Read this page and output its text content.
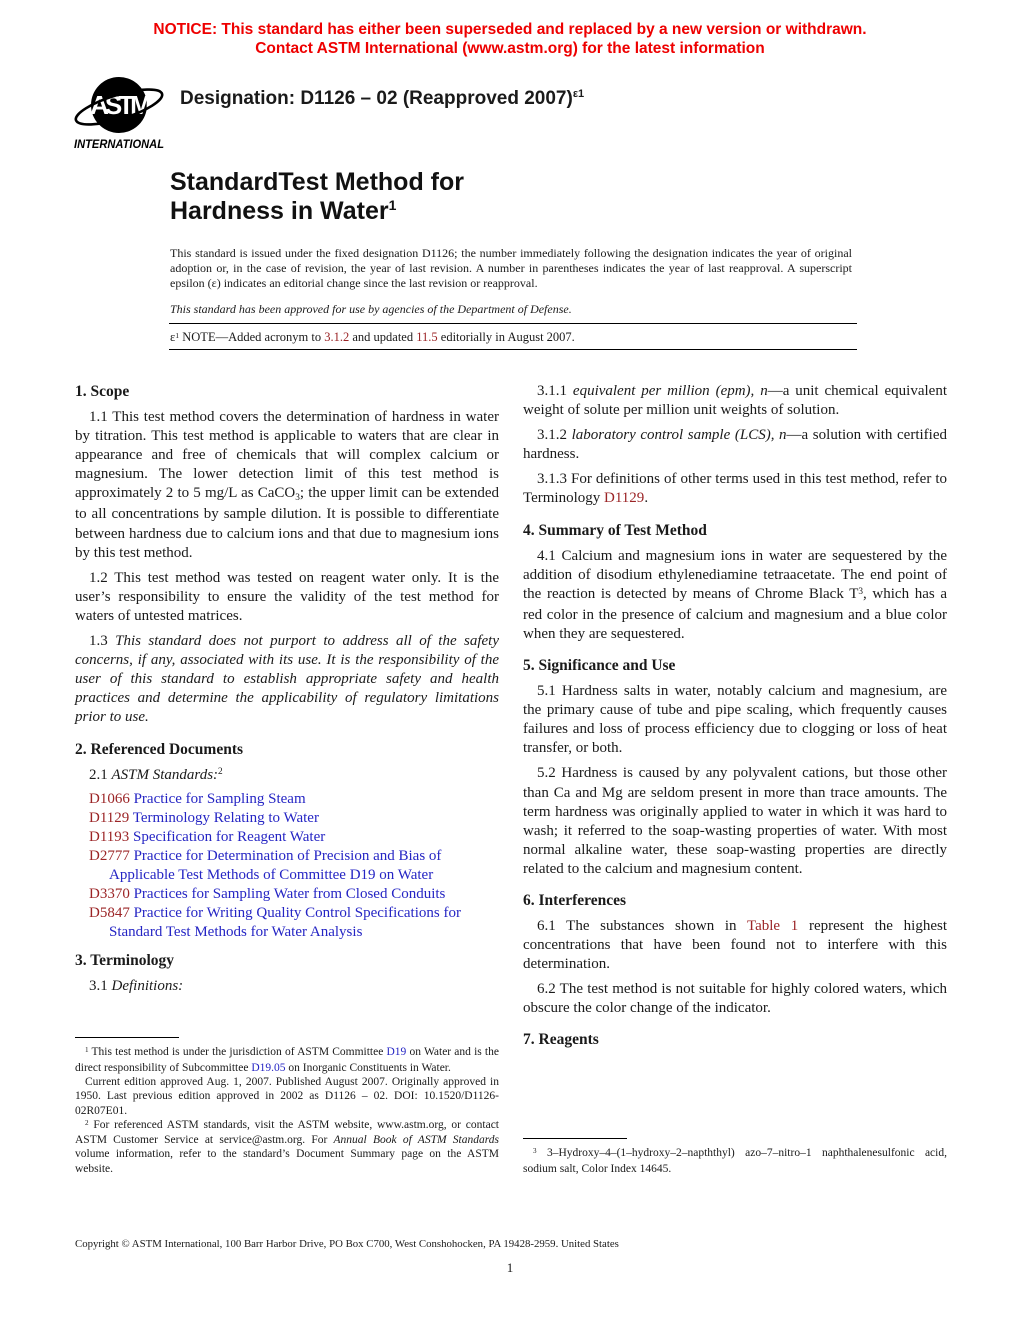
NOTICE: This standard has either been superseded and replaced by a new version or withdrawn.
Contact ASTM International (www.astm.org) for the latest information
ASTM
INTERNATIONAL
Designation: D1126 – 02 (Reapproved 2007)$^{\varepsilon 1}$
StandardTest Method for
Hardness in Water$^1$

This standard is issued under the fixed designation D1126; the number immediately following the designation indicates the year of original adoption or, in the case of revision, the year of last revision. A number in parentheses indicates the year of last reapproval. A superscript epsilon (ε) indicates an editorial change since the last revision or reapproval.

This standard has been approved for use by agencies of the Department of Defense.

$\varepsilon^1$ NOTE—Added acronym to 3.1.2 and updated 11.5 editorially in August 2007.

1. Scope

1.1 This test method covers the determination of hardness in water by titration. This test method is applicable to waters that are clear in appearance and free of chemicals that will complex calcium or magnesium. The lower detection limit of this test method is approximately 2 to 5 mg/L as CaCO3; the upper limit can be extended to all concentrations by sample dilution. It is possible to differentiate between hardness due to calcium ions and that due to magnesium ions by this test method.

1.2 This test method was tested on reagent water only. It is the user’s responsibility to ensure the validity of the test method for waters of untested matrices.

1.3 This standard does not purport to address all of the safety concerns, if any, associated with its use. It is the responsibility of the user of this standard to establish appropriate safety and health practices and determine the applicability of regulatory limitations prior to use.

2. Referenced Documents

2.1 ASTM Standards:$^2$

D1066 Practice for Sampling Steam

D1129 Terminology Relating to Water

D1193 Specification for Reagent Water

D2777 Practice for Determination of Precision and Bias of Applicable Test Methods of Committee D19 on Water

D3370 Practices for Sampling Water from Closed Conduits

D5847 Practice for Writing Quality Control Specifications for Standard Test Methods for Water Analysis

3. Terminology

3.1 Definitions:

$^1$ This test method is under the jurisdiction of ASTM Committee D19 on Water and is the direct responsibility of Subcommittee D19.05 on Inorganic Constituents in Water.

Current edition approved Aug. 1, 2007. Published August 2007. Originally approved in 1950. Last previous edition approved in 2002 as D1126 – 02. DOI: 10.1520/D1126-02R07E01.

$^2$ For referenced ASTM standards, visit the ASTM website, www.astm.org, or contact ASTM Customer Service at service@astm.org. For Annual Book of ASTM Standards volume information, refer to the standard’s Document Summary page on the ASTM website.

3.1.1 equivalent per million (epm), n—a unit chemical equivalent weight of solute per million unit weights of solution.

3.1.2 laboratory control sample (LCS), n—a solution with certified hardness.

3.1.3 For definitions of other terms used in this test method, refer to Terminology D1129.

4. Summary of Test Method

4.1 Calcium and magnesium ions in water are sequestered by the addition of disodium ethylenediamine tetraacetate. The end point of the reaction is detected by means of Chrome Black $T^3$, which has a red color in the presence of calcium and magnesium and a blue color when they are sequestered.

5. Significance and Use

5.1 Hardness salts in water, notably calcium and magnesium, are the primary cause of tube and pipe scaling, which frequently causes failures and loss of process efficiency due to clogging or loss of heat transfer, or both.

5.2 Hardness is caused by any polyvalent cations, but those other than Ca and Mg are seldom present in more than trace amounts. The term hardness was originally applied to water in which it was hard to wash; it referred to the soap-wasting properties of water. With most normal alkaline water, these soap-wasting properties are directly related to the calcium and magnesium content.

6. Interferences

6.1 The substances shown in Table 1 represent the highest concentrations that have been found not to interfere with this determination.

6.2 The test method is not suitable for highly colored waters, which obscure the color change of the indicator.

7. Reagents

$^3$ 3–Hydroxy–4–(1–hydroxy–2–napththyl) azo–7–nitro–1 naphthalenesulfonic acid, sodium salt, Color Index 14645.

Copyright © ASTM International, 100 Barr Harbor Drive, PO Box C700, West Conshohocken, PA 19428-2959. United States
1
